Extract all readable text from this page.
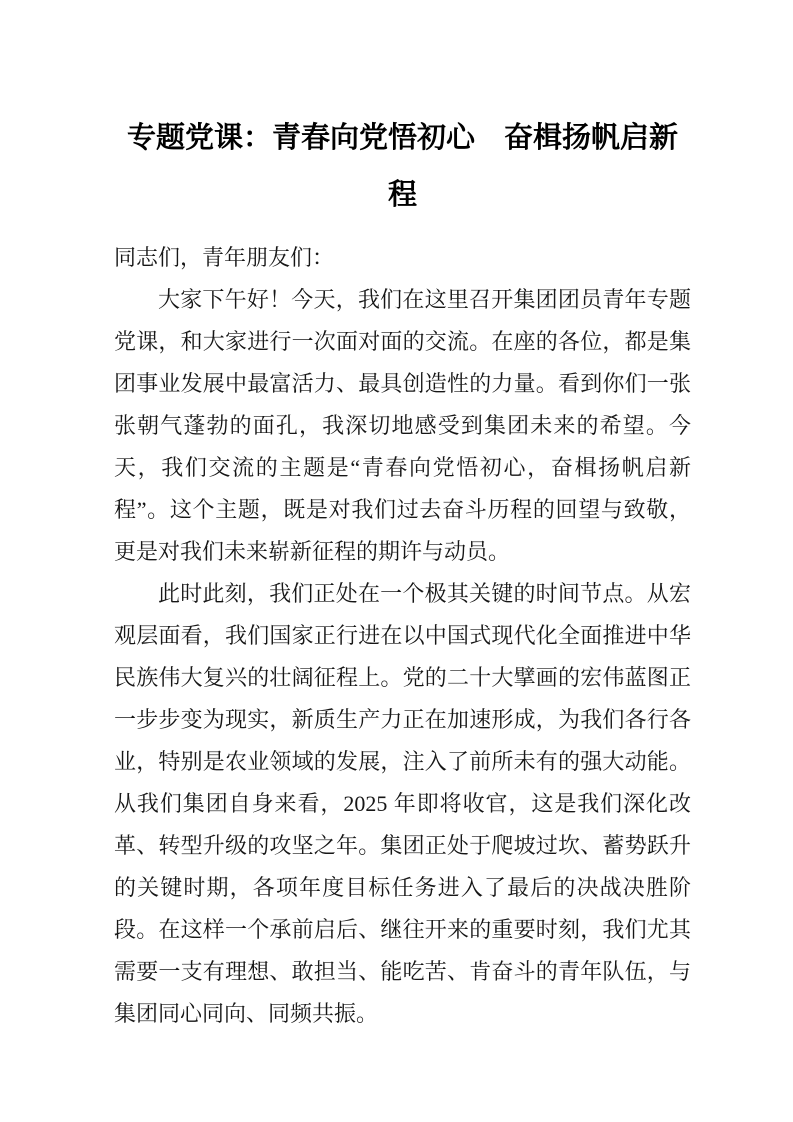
专题党课：青春向党悟初心　奋楫扬帆启新程

同志们，青年朋友们：

大家下午好！今天，我们在这里召开集团团员青年专题党课，和大家进行一次面对面的交流。在座的各位，都是集团事业发展中最富活力、最具创造性的力量。看到你们一张张朝气蓬勃的面孔，我深切地感受到集团未来的希望。今天，我们交流的主题是“青春向党悟初心，奋楫扬帆启新程”。这个主题，既是对我们过去奋斗历程的回望与致敬，更是对我们未来崭新征程的期许与动员。

此时此刻，我们正处在一个极其关键的时间节点。从宏观层面看，我们国家正行进在以中国式现代化全面推进中华民族伟大复兴的壮阔征程上。党的二十大擘画的宏伟蓝图正一步步变为现实，新质生产力正在加速形成，为我们各行各业，特别是农业领域的发展，注入了前所未有的强大动能。从我们集团自身来看，2025 年即将收官，这是我们深化改革、转型升级的攻坚之年。集团正处于爬坡过坎、蓄势跃升的关键时期，各项年度目标任务进入了最后的决战决胜阶段。在这样一个承前启后、继往开来的重要时刻，我们尤其需要一支有理想、敢担当、能吃苦、肯奋斗的青年队伍，与集团同心同向、同频共振。
